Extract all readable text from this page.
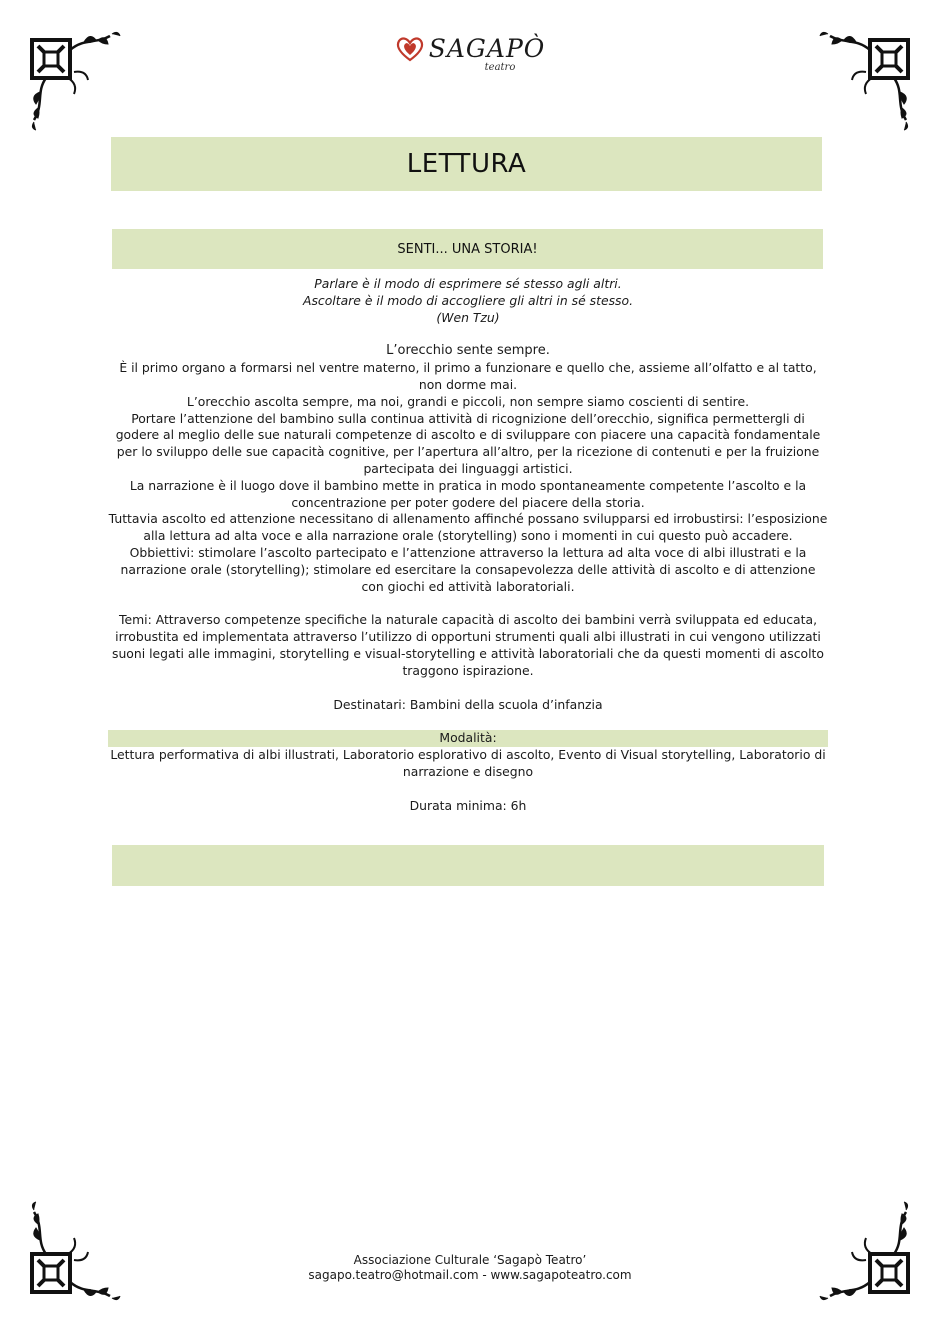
SAGAPÒ
teatro
LETTURA
SENTI... UNA STORIA!

Parlare è il modo di esprimere sé stesso agli altri.

Ascoltare è il modo di accogliere gli altri in sé stesso.

(Wen Tzu)

L’orecchio sente sempre.

È il primo organo a formarsi nel ventre materno, il primo a funzionare e quello che, assieme all’olfatto e al tatto, non dorme mai.

L’orecchio ascolta sempre, ma noi, grandi e piccoli, non sempre siamo coscienti di sentire.

Portare l’attenzione del bambino sulla continua attività di ricognizione dell’orecchio, significa permettergli di godere al meglio delle sue naturali competenze di ascolto e di sviluppare con piacere una capacità fondamentale per lo sviluppo delle sue capacità cognitive, per l’apertura all’altro, per la ricezione di contenuti e per la fruizione partecipata dei linguaggi artistici.

La narrazione è il luogo dove il bambino mette in pratica in modo spontaneamente competente l’ascolto e la concentrazione per poter godere del piacere della storia.

Tuttavia ascolto ed attenzione necessitano di allenamento affinché possano svilupparsi ed irrobustirsi: l’esposizione alla lettura ad alta voce e alla narrazione orale (storytelling) sono i momenti in cui questo può accadere.

Obbiettivi: stimolare l’ascolto partecipato e l’attenzione attraverso la lettura ad alta voce di albi illustrati e la narrazione orale (storytelling); stimolare ed esercitare la consapevolezza delle attività di ascolto e di attenzione con giochi ed attività laboratoriali.

Temi: Attraverso competenze specifiche la naturale capacità di ascolto dei bambini verrà sviluppata ed educata, irrobustita ed implementata attraverso l’utilizzo di opportuni strumenti quali albi illustrati in cui vengono utilizzati suoni legati alle immagini, storytelling e visual-storytelling e attività laboratoriali che da questi momenti di ascolto traggono ispirazione.

Destinatari: Bambini della scuola d’infanzia

Modalità:

Lettura performativa di albi illustrati, Laboratorio esplorativo di ascolto, Evento di Visual storytelling, Laboratorio di narrazione e disegno

Durata minima: 6h

Associazione Culturale ‘Sagapò Teatro’
sagapo.teatro@hotmail.com - www.sagapoteatro.com
